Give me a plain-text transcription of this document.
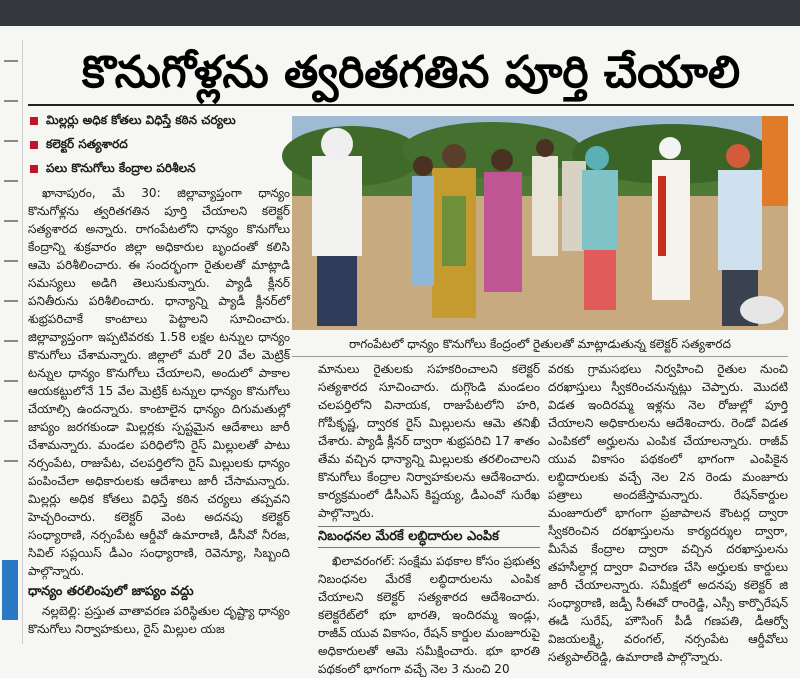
కొనుగోళ్లను త్వరితగతిన పూర్తి చేయాలి
మిల్లర్లు అధిక కోతలు విధిస్తే కఠిన చర్యలు
కలెక్టర్ సత్యశారద
పలు కొనుగోలు కేంద్రాల పరిశీలన

ఖానాపురం, మే 30: జిల్లావ్యాప్తంగా ధాన్యం కొనుగోళ్లను త్వరితగతిన పూర్తి చేయాలని కలెక్టర్ సత్యశారద అన్నారు. రాగంపేటలోని ధాన్యం కొనుగోలు కేంద్రాన్ని శుక్రవారం జిల్లా అధికారుల బృందంతో కలిసి ఆమె పరిశీలించారు. ఈ సందర్భంగా రైతులతో మాట్లాడి సమస్యలు అడిగి తెలుసుకున్నారు. ప్యాడీ క్లీనర్ పనితీరును పరిశీలించారు. ధాన్యాన్ని ప్యాడీ క్లీనర్‌లో శుభ్రపరిచాకే కాంటాలు పెట్టాలని సూచించారు. జిల్లావ్యాప్తంగా ఇప్పటివరకు 1.58 లక్షల టన్నుల ధాన్యం కొనుగోలు చేశామన్నారు. జిల్లాలో మరో 20 వేల మెట్రిక్ టన్నుల ధాన్యం కొనుగోలు చేయాలని, అందులో పాకాల ఆయకట్టులోనే 15 వేల మెట్రిక్ టన్నుల ధాన్యం కొనుగోలు చేయాల్సి ఉందన్నారు. కాంటాలైన ధాన్యం దిగుమతుల్లో జాప్యం జరగకుండా మిల్లర్లకు స్పష్టమైన ఆదేశాలు జారీ చేశామన్నారు. మండల పరిధిలోని రైస్ మిల్లులతో పాటు నర్సంపేట, రాజుపేట, చలపర్తిలోని రైస్ మిల్లులకు ధాన్యం పంపించేలా అధికారులకు ఆదేశాలు జారీ చేసామన్నారు. మిల్లర్లు అధిక కోతలు విధిస్తే కఠిన చర్యలు తప్పవని హెచ్చరించారు. కలెక్టర్ వెంట అదనపు కలెక్టర్ సంధ్యారాణి, నర్సంపేట ఆర్డీవో ఉమారాణి, డీసీవో నీరజ, సివిల్ సప్లయిస్ డీఎం సంధ్యారాణి, రెవెన్యూ, సిబ్బంది పాల్గొన్నారు.

ధాన్యం తరలింపులో జాప్యం వద్దు

నల్లబెల్లి: ప్రస్తుత వాతావరణ పరిస్థితుల దృష్ట్యా ధాన్యం కొనుగోలు నిర్వాహకులు, రైస్ మిల్లుల యజ

రాగంపేటలో ధాన్యం కొనుగోలు కేంద్రంలో రైతులతో మాట్లాడుతున్న కలెక్టర్ సత్యశారద

మానులు రైతులకు సహకరించాలని కలెక్టర్ సత్యశారద సూచించారు. దుగ్గొండి మండలం చలపర్తిలోని వినాయక, రాజుపేటలోని హరి, గోపీకృష్ణ, ద్వారక రైస్ మిల్లులను ఆమె తనిఖీ చేశారు. ప్యాడీ క్లీనర్ ద్వారా శుభ్రపరిచి 17 శాతం తేమ వచ్చిన ధాన్యాన్ని మిల్లులకు తరలించాలని కొనుగోలు కేంద్రాల నిర్వాహకులను ఆదేశించారు. కార్యక్రమంలో డీసీఎస్ కిష్టయ్య, డీఎంవో సురేఖ పాల్గొన్నారు.

నిబంధనల మేరకే లబ్ధిదారుల ఎంపిక

ఖిలావరంగల్: సంక్షేమ పథకాల కోసం ప్రభుత్వ నిబంధనల మేరకే లబ్ధిదారులను ఎంపిక చేయాలని కలెక్టర్ సత్యశారద ఆదేశించారు. కలెక్టరేట్‌లో భూ భారతి, ఇందిరమ్మ ఇండ్లు, రాజీవ్ యువ వికాసం, రేషన్ కార్డుల మంజూరుపై అధికారులతో ఆమె సమీక్షించారు. భూ భారతి పథకంలో భాగంగా వచ్చే నెల 3 నుంచి 20

వరకు గ్రామసభలు నిర్వహించి రైతుల నుంచి దరఖాస్తులు స్వీకరించనున్నట్లు చెప్పారు. మొదటి విడత ఇందిరమ్మ ఇళ్లను నెల రోజుల్లో పూర్తి చేయాలని అధికారులను ఆదేశించారు. రెండో విడత ఎంపికలో అర్హులను ఎంపిక చేయాలన్నారు. రాజీవ్ యువ వికాసం పథకంలో భాగంగా ఎంపికైన లబ్ధిదారులకు వచ్చే నెల 2న రెండు మంజూరు పత్రాలు అందజేస్తామన్నారు. రేషన్‌కార్డుల మంజూరులో భాగంగా ప్రజాపాలన కౌంటర్ల ద్వారా స్వీకరించిన దరఖాస్తులను కార్యదర్శుల ద్వారా, మీసేవ కేంద్రాల ద్వారా వచ్చిన దరఖాస్తులను తహసీల్దార్ల ద్వారా విచారణ చేసి అర్హులకు కార్డులు జారీ చేయాలన్నారు. సమీక్షలో అదనపు కలెక్టర్ జి సంధ్యారాణి, జడ్పీ సీఈవో రాంరెడ్డి, ఎస్సీ కార్పొరేషన్ ఈడీ సురేష్, హౌసింగ్ పీడీ గణపతి, డీఆర్వో విజయలక్ష్మి, వరంగల్, నర్సంపేట ఆర్డీవోలు సత్యపాల్‌రెడ్డి, ఉమారాణి పాల్గొన్నారు.
